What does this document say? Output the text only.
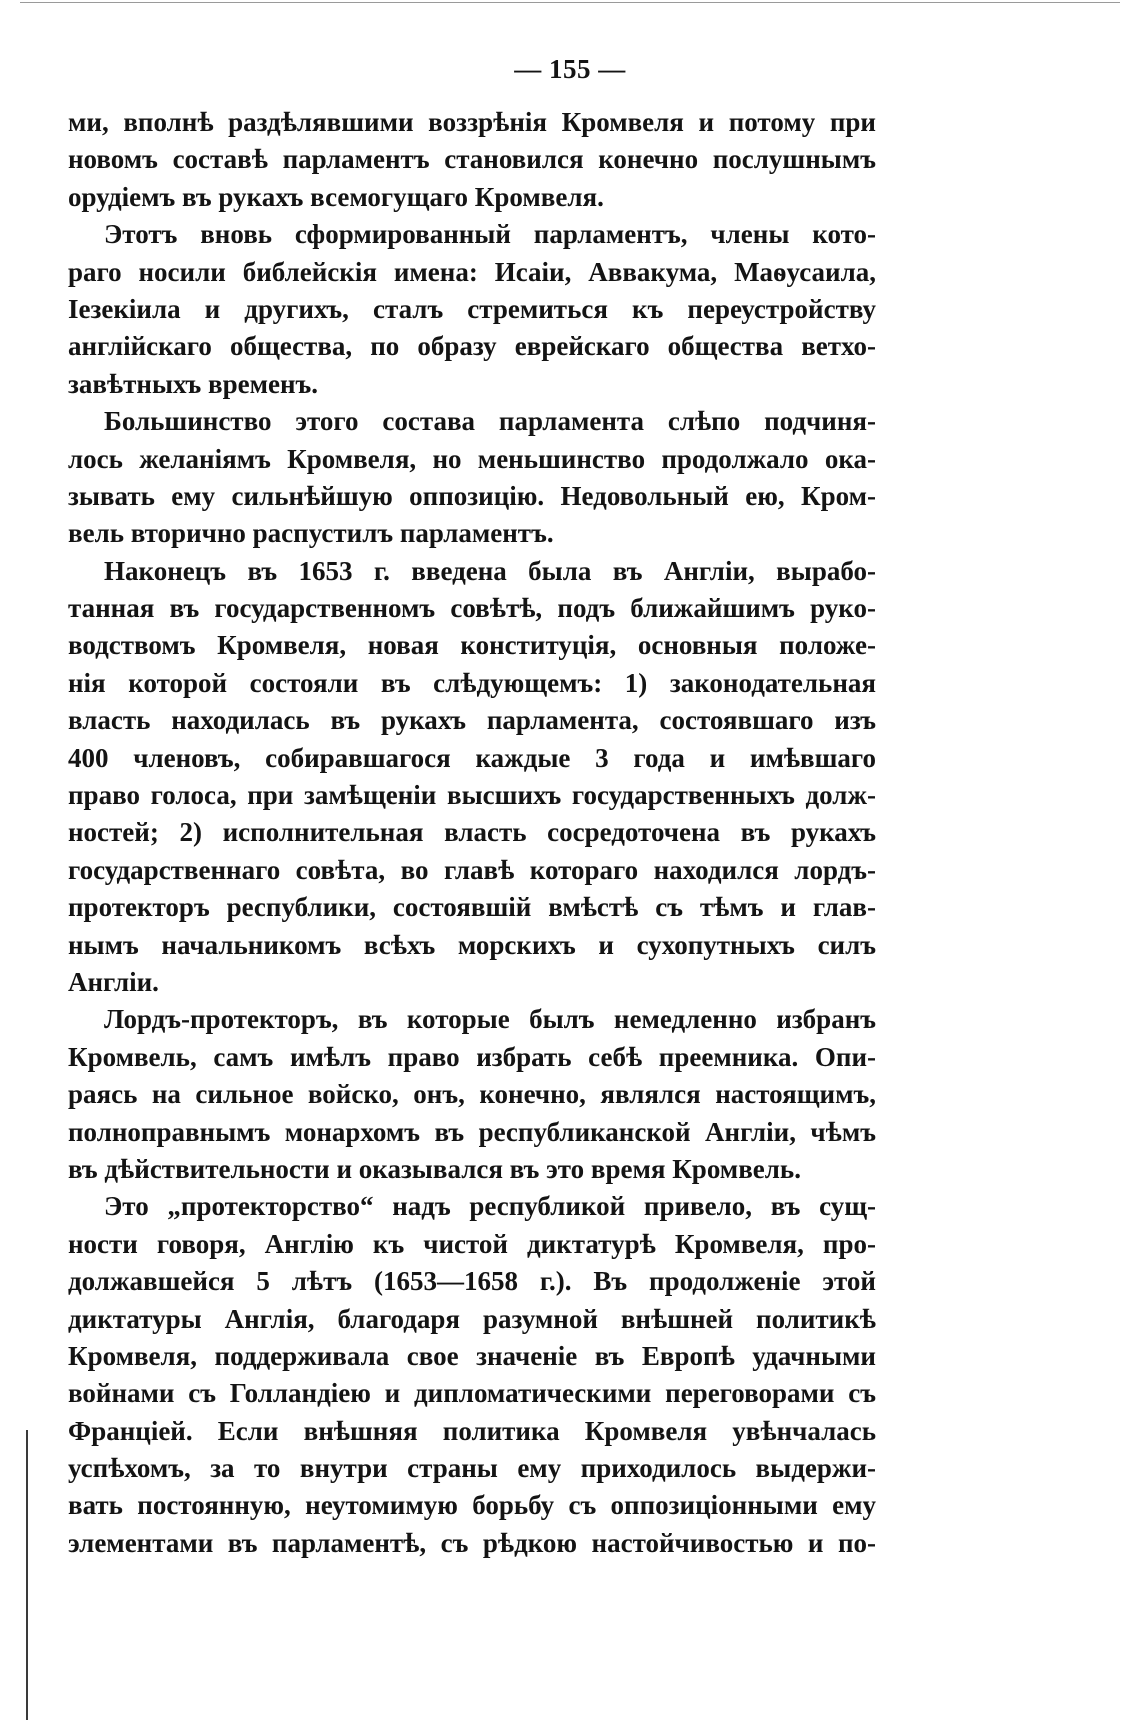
— 155 —
ми, вполнѣ раздѣлявшими воззрѣнія Кромвеля и потому при
новомъ составѣ парламентъ становился конечно послушнымъ
орудіемъ въ рукахъ всемогущаго Кромвеля.
Этотъ вновь сформированный парламентъ, члены кото-
раго носили библейскія имена: Исаіи, Аввакума, Маѳусаила,
Іезекіила и другихъ, сталъ стремиться къ переустройству
англійскаго общества, по образу еврейскаго общества ветхо-
завѣтныхъ временъ.
Большинство этого состава парламента слѣпо подчиня-
лось желаніямъ Кромвеля, но меньшинство продолжало ока-
зывать ему сильнѣйшую оппозицію. Недовольный ею, Кром-
вель вторично распустилъ парламентъ.
Наконецъ въ 1653 г. введена была въ Англіи, вырабо-
танная въ государственномъ совѣтѣ, подъ ближайшимъ руко-
водствомъ Кромвеля, новая конституція, основныя положе-
нія которой состояли въ слѣдующемъ: 1) законодательная
власть находилась въ рукахъ парламента, состоявшаго изъ
400 членовъ, собиравшагося каждые 3 года и имѣвшаго
право голоса, при замѣщеніи высшихъ государственныхъ долж-
ностей; 2) исполнительная власть сосредоточена въ рукахъ
государственнаго совѣта, во главѣ котораго находился лордъ-
протекторъ республики, состоявшій вмѣстѣ съ тѣмъ и глав-
нымъ начальникомъ всѣхъ морскихъ и сухопутныхъ силъ
Англіи.
Лордъ-протекторъ, въ которые былъ немедленно избранъ
Кромвель, самъ имѣлъ право избрать себѣ преемника. Опи-
раясь на сильное войско, онъ, конечно, являлся настоящимъ,
полноправнымъ монархомъ въ республиканской Англіи, чѣмъ
въ дѣйствительности и оказывался въ это время Кромвель.
Это „протекторство“ надъ республикой привело, въ сущ-
ности говоря, Англію къ чистой диктатурѣ Кромвеля, про-
должавшейся 5 лѣтъ (1653—1658 г.). Въ продолженіе этой
диктатуры Англія, благодаря разумной внѣшней политикѣ
Кромвеля, поддерживала свое значеніе въ Европѣ удачными
войнами съ Голландіею и дипломатическими переговорами съ
Франціей. Если внѣшняя политика Кромвеля увѣнчалась
успѣхомъ, за то внутри страны ему приходилось выдержи-
вать постоянную, неутомимую борьбу съ оппозиціонными ему
элементами въ парламентѣ, съ рѣдкою настойчивостью и по-
